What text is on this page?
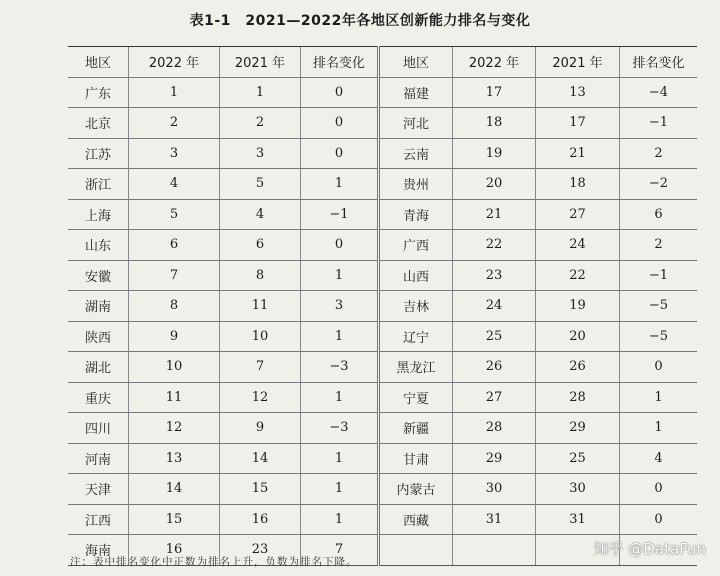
表1-1　2021—2022年各地区创新能力排名与变化
地区	2022 年	2021 年	排名变化	地区	2022 年	2021 年	排名变化
广东	1	1	0	福建	17	13	−4
北京	2	2	0	河北	18	17	−1
江苏	3	3	0	云南	19	21	2
浙江	4	5	1	贵州	20	18	−2
上海	5	4	−1	青海	21	27	6
山东	6	6	0	广西	22	24	2
安徽	7	8	1	山西	23	22	−1
湖南	8	11	3	吉林	24	19	−5
陕西	9	10	1	辽宁	25	20	−5
湖北	10	7	−3	黑龙江	26	26	0
重庆	11	12	1	宁夏	27	28	1
四川	12	9	−3	新疆	28	29	1
河南	13	14	1	甘肃	29	25	4
天津	14	15	1	内蒙古	30	30	0
江西	15	16	1	西藏	31	31	0
海南	16	23	7				
注：表中排名变化中正数为排名上升，负数为排名下降。
知乎 @DataFun
